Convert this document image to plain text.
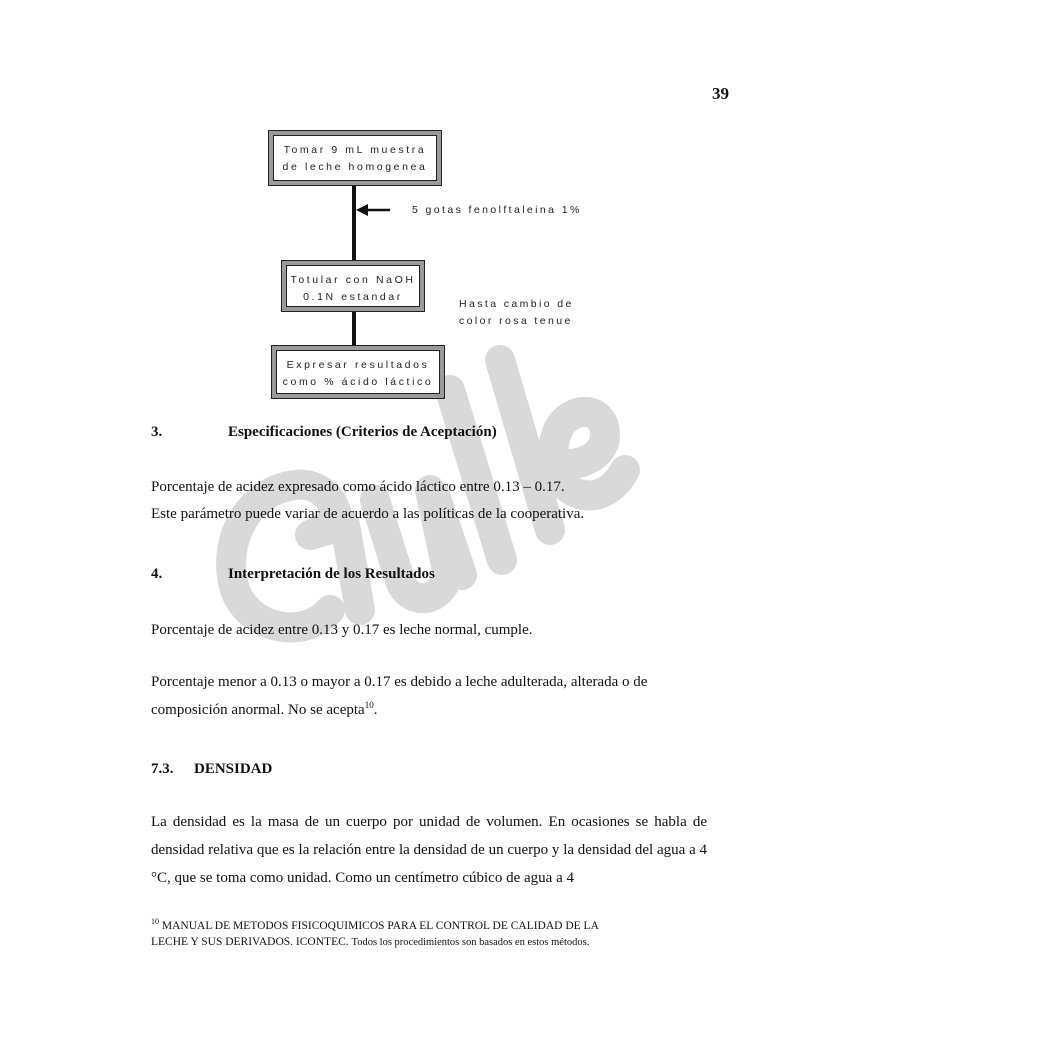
39
Tomar 9 mL muestra
de leche homogenea
5 gotas fenolftaleina 1%
Totular con NaOH
0.1N estandar
Hasta cambio de
color rosa tenue
Expresar resultados
como % ácido láctico
3.	Especificaciones (Criterios de Aceptación)
Porcentaje de acidez expresado como ácido láctico entre 0.13 – 0.17.
Este parámetro puede variar de acuerdo a las políticas de la cooperativa.
4.	Interpretación de los Resultados
Porcentaje de acidez entre 0.13 y 0.17 es leche normal, cumple.
Porcentaje menor a 0.13 o mayor a 0.17 es debido a leche adulterada, alterada o de
composición anormal. No se acepta$^{10}$.
7.3. DENSIDAD
La densidad es la masa de un cuerpo por unidad de volumen. En ocasiones se habla de densidad relativa que es la relación entre la densidad de un cuerpo y la densidad del agua a 4 °C, que se toma como unidad. Como un centímetro cúbico de agua a 4
$^{10}$ MANUAL DE METODOS FISICOQUIMICOS PARA EL CONTROL DE CALIDAD DE LA
LECHE Y SUS DERIVADOS. ICONTEC. Todos los procedimientos son basados en estos métodos.
